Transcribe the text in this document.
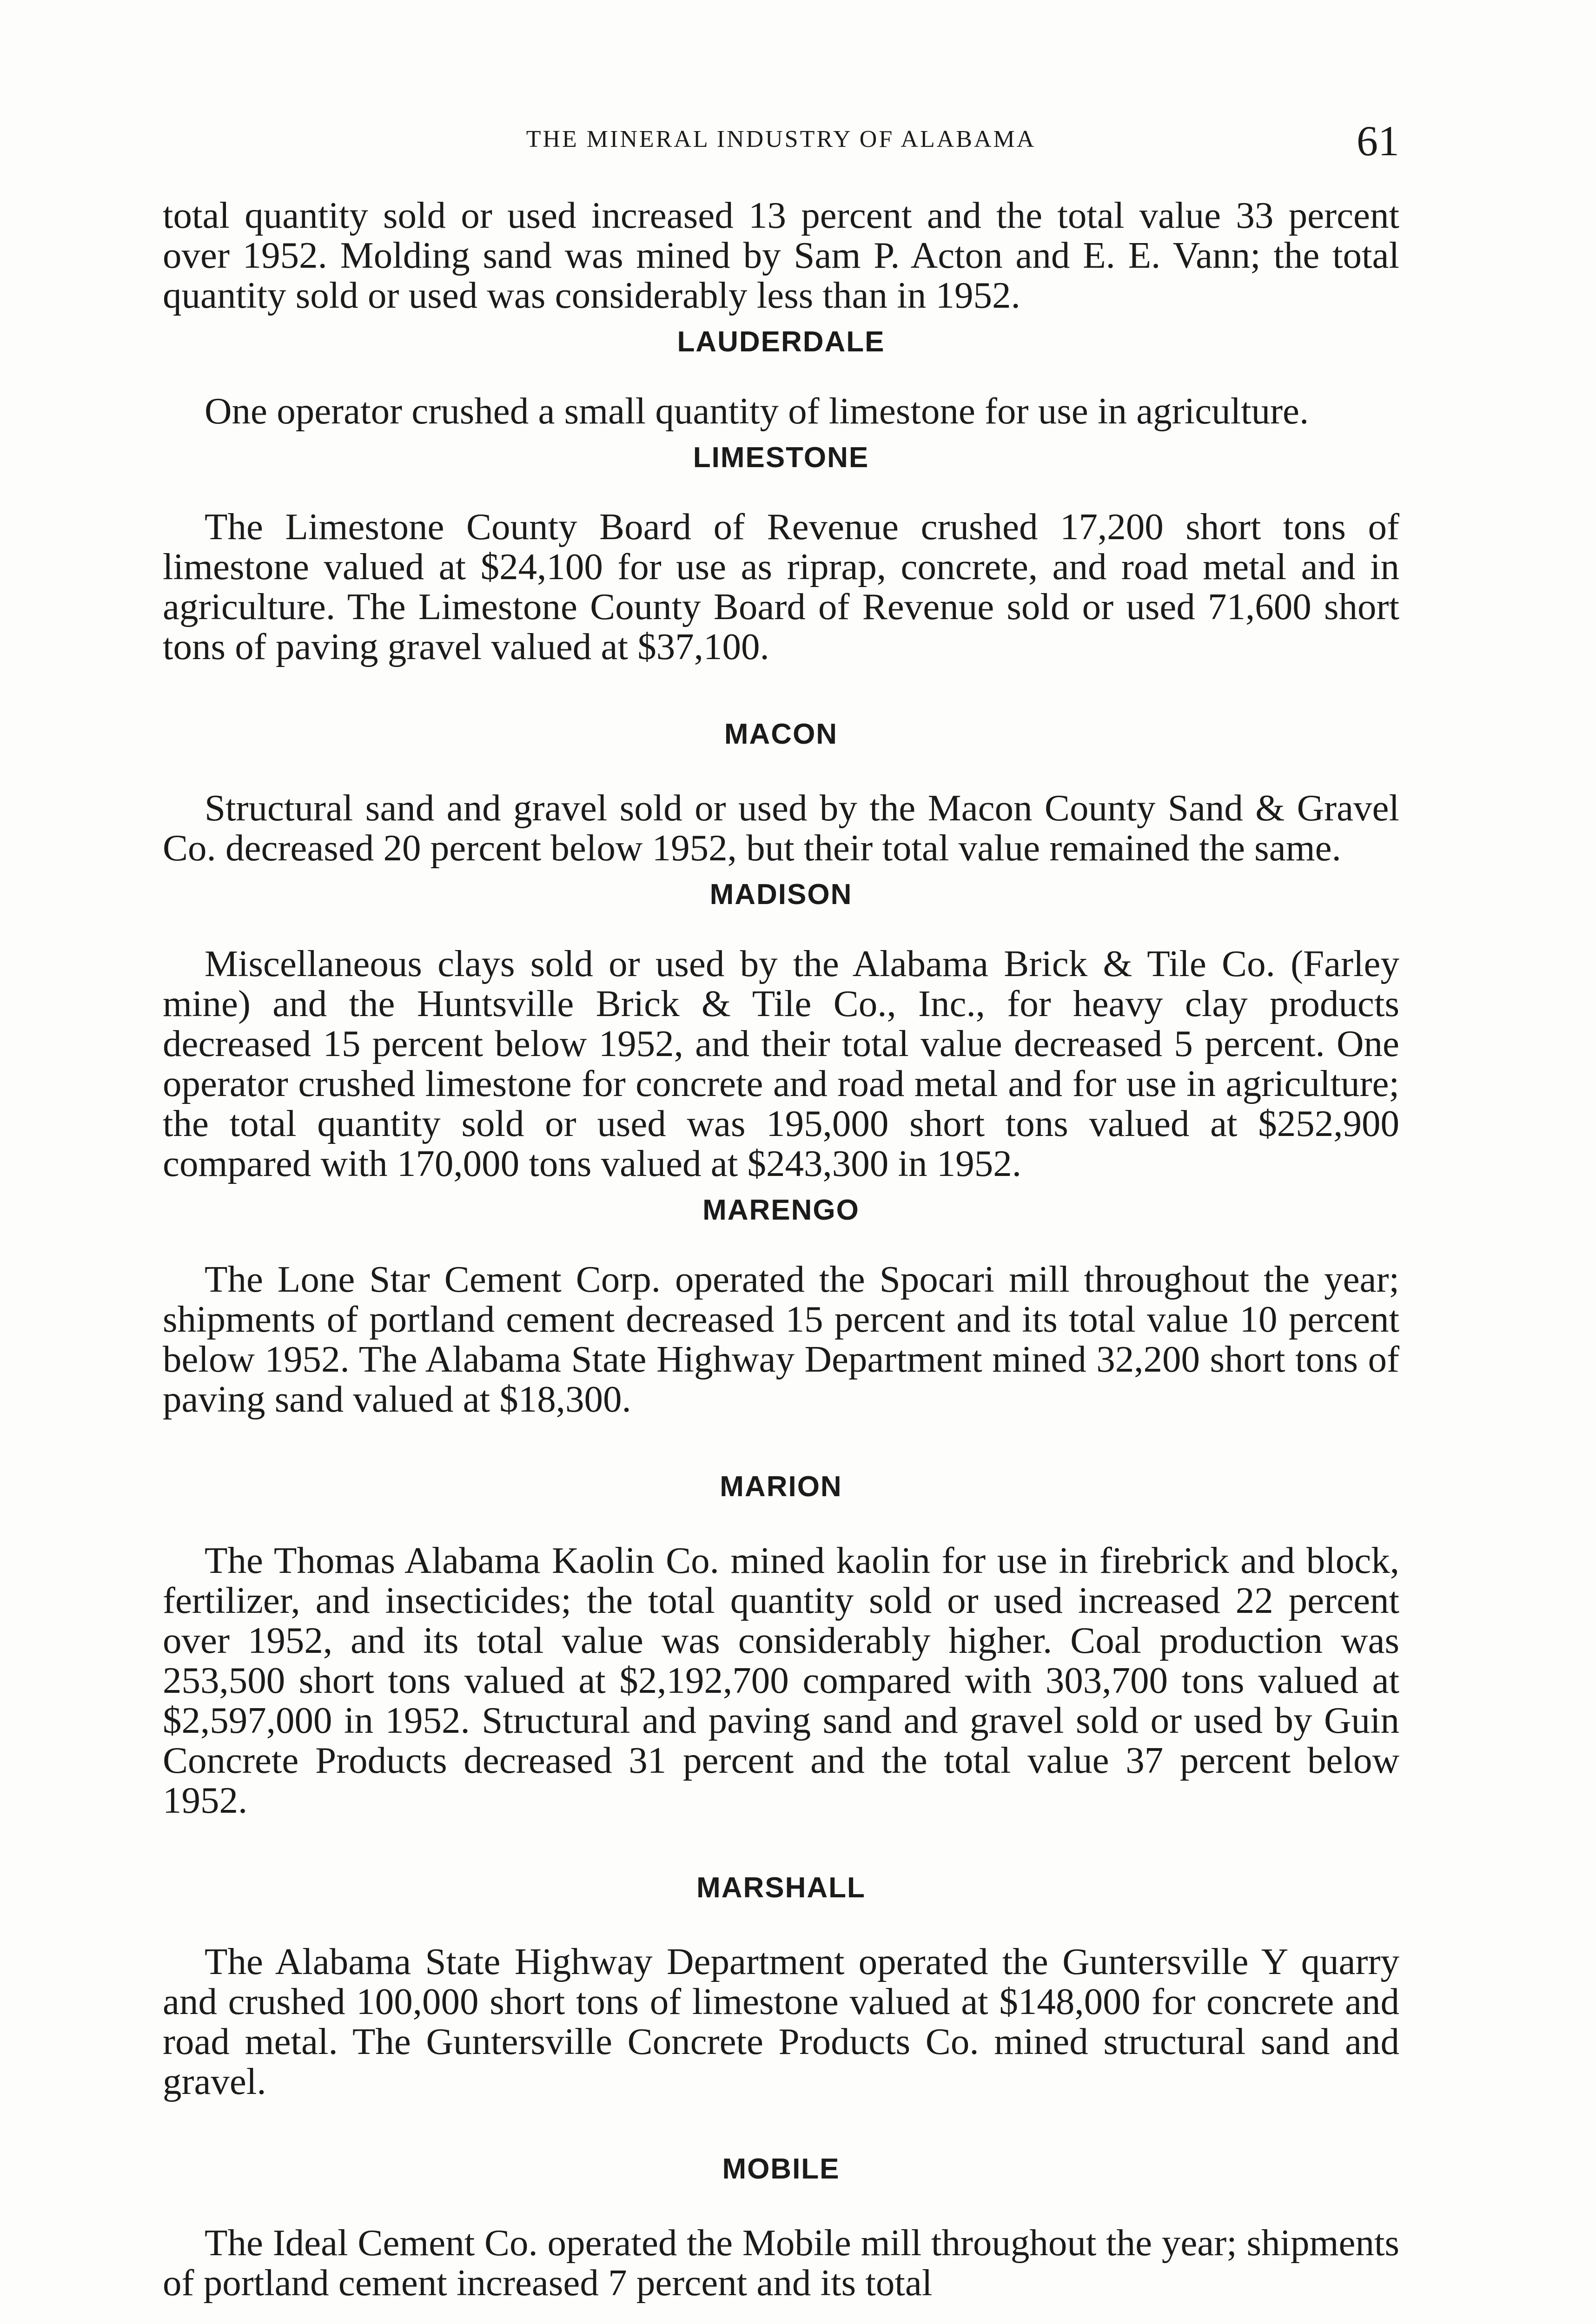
THE MINERAL INDUSTRY OF ALABAMA	61

total quantity sold or used increased 13 percent and the total value 33 percent over 1952. Molding sand was mined by Sam P. Acton and E. E. Vann; the total quantity sold or used was considerably less than in 1952.

LAUDERDALE

One operator crushed a small quantity of limestone for use in agriculture.

LIMESTONE

The Limestone County Board of Revenue crushed 17,200 short tons of limestone valued at $24,100 for use as riprap, concrete, and road metal and in agriculture. The Limestone County Board of Revenue sold or used 71,600 short tons of paving gravel valued at $37,100.

MACON

Structural sand and gravel sold or used by the Macon County Sand & Gravel Co. decreased 20 percent below 1952, but their total value remained the same.

MADISON

Miscellaneous clays sold or used by the Alabama Brick & Tile Co. (Farley mine) and the Huntsville Brick & Tile Co., Inc., for heavy clay products decreased 15 percent below 1952, and their total value decreased 5 percent. One operator crushed limestone for concrete and road metal and for use in agriculture; the total quantity sold or used was 195,000 short tons valued at $252,900 compared with 170,000 tons valued at $243,300 in 1952.

MARENGO

The Lone Star Cement Corp. operated the Spocari mill throughout the year; shipments of portland cement decreased 15 percent and its total value 10 percent below 1952. The Alabama State Highway Department mined 32,200 short tons of paving sand valued at $18,300.

MARION

The Thomas Alabama Kaolin Co. mined kaolin for use in firebrick and block, fertilizer, and insecticides; the total quantity sold or used increased 22 percent over 1952, and its total value was considerably higher. Coal production was 253,500 short tons valued at $2,192,700 compared with 303,700 tons valued at $2,597,000 in 1952. Structural and paving sand and gravel sold or used by Guin Concrete Products decreased 31 percent and the total value 37 percent below 1952.

MARSHALL

The Alabama State Highway Department operated the Guntersville Y quarry and crushed 100,000 short tons of limestone valued at $148,000 for concrete and road metal. The Guntersville Concrete Products Co. mined structural sand and gravel.

MOBILE

The Ideal Cement Co. operated the Mobile mill throughout the year; shipments of portland cement increased 7 percent and its total
